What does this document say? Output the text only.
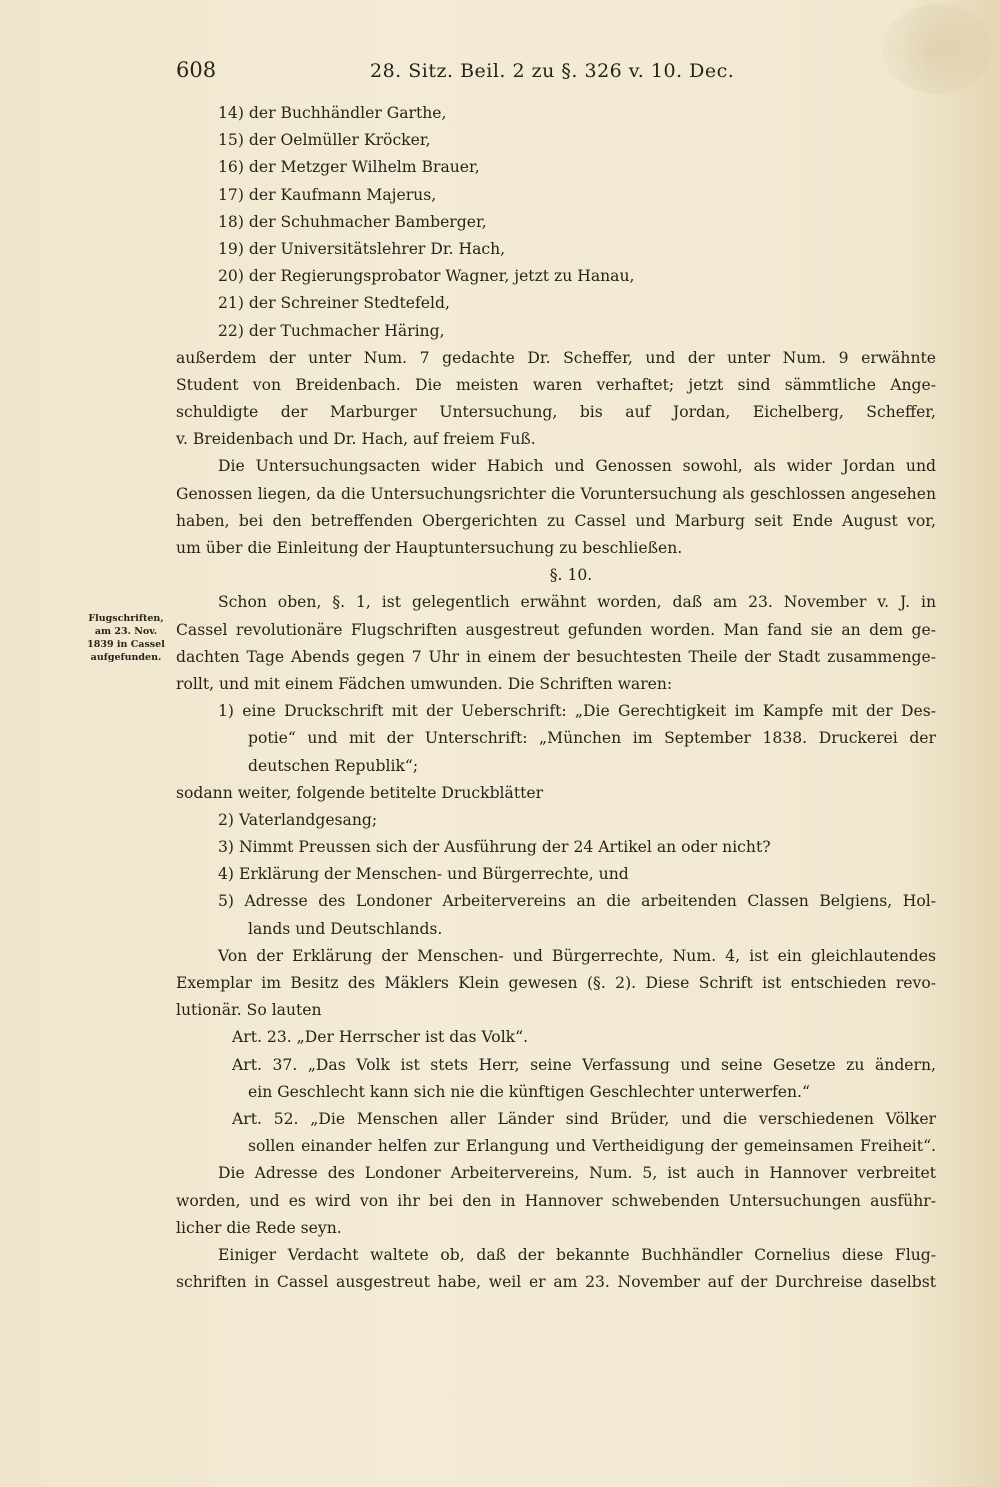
608	28. Sitz. Beil. 2 zu §. 326 v. 10. Dec.
Flugschriften,
am 23. Nov.
1839 in Cassel
aufgefunden.
14) der Buchhändler Garthe,
15) der Oelmüller Kröcker,
16) der Metzger Wilhelm Brauer,
17) der Kaufmann Majerus,
18) der Schuhmacher Bamberger,
19) der Universitätslehrer Dr. Hach,
20) der Regierungsprobator Wagner, jetzt zu Hanau,
21) der Schreiner Stedtefeld,
22) der Tuchmacher Häring,
außerdem der unter Num. 7 gedachte Dr. Scheffer, und der unter Num. 9 erwähnte
Student von Breidenbach. Die meisten waren verhaftet; jetzt sind sämmtliche Ange-
schuldigte der Marburger Untersuchung, bis auf Jordan, Eichelberg, Scheffer,
v. Breidenbach und Dr. Hach, auf freiem Fuß.
Die Untersuchungsacten wider Habich und Genossen sowohl, als wider Jordan und
Genossen liegen, da die Untersuchungsrichter die Voruntersuchung als geschlossen angesehen
haben, bei den betreffenden Obergerichten zu Cassel und Marburg seit Ende August vor,
um über die Einleitung der Hauptuntersuchung zu beschließen.
§. 10.
Schon oben, §. 1, ist gelegentlich erwähnt worden, daß am 23. November v. J. in
Cassel revolutionäre Flugschriften ausgestreut gefunden worden. Man fand sie an dem ge-
dachten Tage Abends gegen 7 Uhr in einem der besuchtesten Theile der Stadt zusammenge-
rollt, und mit einem Fädchen umwunden. Die Schriften waren:
1) eine Druckschrift mit der Ueberschrift: „Die Gerechtigkeit im Kampfe mit der Des-
potie“ und mit der Unterschrift: „München im September 1838. Druckerei der
deutschen Republik“;
sodann weiter, folgende betitelte Druckblätter
2) Vaterlandgesang;
3) Nimmt Preussen sich der Ausführung der 24 Artikel an oder nicht?
4) Erklärung der Menschen- und Bürgerrechte, und
5) Adresse des Londoner Arbeitervereins an die arbeitenden Classen Belgiens, Hol-
lands und Deutschlands.
Von der Erklärung der Menschen- und Bürgerrechte, Num. 4, ist ein gleichlautendes
Exemplar im Besitz des Mäklers Klein gewesen (§. 2). Diese Schrift ist entschieden revo-
lutionär. So lauten
Art. 23. „Der Herrscher ist das Volk“.
Art. 37. „Das Volk ist stets Herr, seine Verfassung und seine Gesetze zu ändern,
ein Geschlecht kann sich nie die künftigen Geschlechter unterwerfen.“
Art. 52. „Die Menschen aller Länder sind Brüder, und die verschiedenen Völker
sollen einander helfen zur Erlangung und Vertheidigung der gemeinsamen Freiheit“.
Die Adresse des Londoner Arbeitervereins, Num. 5, ist auch in Hannover verbreitet
worden, und es wird von ihr bei den in Hannover schwebenden Untersuchungen ausführ-
licher die Rede seyn.
Einiger Verdacht waltete ob, daß der bekannte Buchhändler Cornelius diese Flug-
schriften in Cassel ausgestreut habe, weil er am 23. November auf der Durchreise daselbst
